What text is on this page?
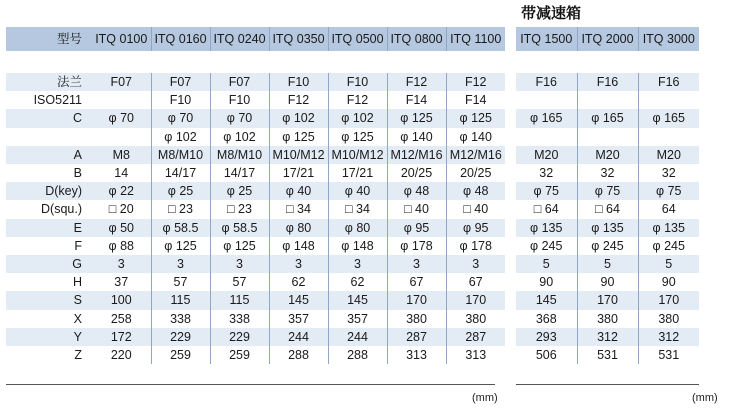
带减速箱
型号	ITQ 0100	ITQ 0160	ITQ 0240	ITQ 0350	ITQ 0500	ITQ 0800	ITQ 1100

法兰	F07	F07	F07	F10	F10	F12	F12
ISO5211		F10	F10	F12	F12	F14	F14
C	φ 70	φ 70	φ 70	φ 102	φ 102	φ 125	φ 125
		φ 102	φ 102	φ 125	φ 125	φ 140	φ 140
A	M8	M8/M10	M8/M10	M10/M12	M10/M12	M12/M16	M12/M16
B	14	14/17	14/17	17/21	17/21	20/25	20/25
D(key)	φ 22	φ 25	φ 25	φ 40	φ 40	φ 48	φ 48
D(squ.)	□ 20	□ 23	□ 23	□ 34	□ 34	□ 40	□ 40
E	φ 50	φ 58.5	φ 58.5	φ 80	φ 80	φ 95	φ 95
F	φ 88	φ 125	φ 125	φ 148	φ 148	φ 178	φ 178
G	3	3	3	3	3	3	3
H	37	57	57	62	62	67	67
S	100	115	115	145	145	170	170
X	258	338	338	357	357	380	380
Y	172	229	229	244	244	287	287
Z	220	259	259	288	288	313	313
ITQ 1500	ITQ 2000	ITQ 3000

F16	F16	F16

φ 165	φ 165	φ 165

M20	M20	M20
32	32	32
φ 75	φ 75	φ 75
□ 64	□ 64	64
φ 135	φ 135	φ 135
φ 245	φ 245	φ 245
5	5	5
90	90	90
145	170	170
368	380	380
293	312	312
506	531	531
(mm)	(mm)
